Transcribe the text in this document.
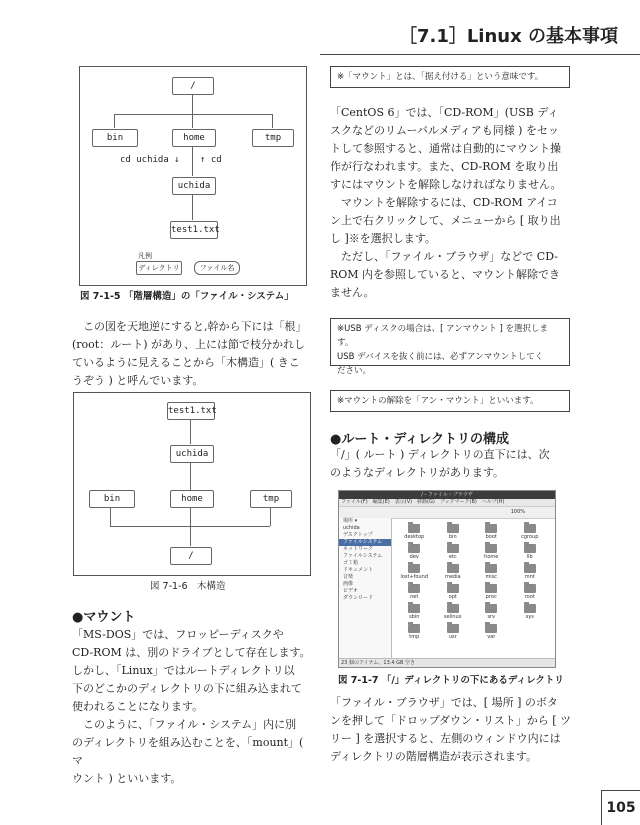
［7.1］Linux の基本事項
/
bin	home	tmp
cd uchida ↓ ↑ cd
uchida
test1.txt
凡例
ディレクトリ	ファイル名
図 7-1-5 「階層構造」の「ファイル・システム」

　この図を天地逆にすると,幹から下には「根」

(root：ルート) があり、上には節で枝分かれし

ているように見えることから「木構造」( きこ

うぞう ) と呼んでいます。

test1.txt
uchida
bin	home	tmp
/
図 7-1-6　木構造
●マウント

「MS-DOS」では、フロッピーディスクや

CD-ROM は、別のドライブとして存在します。

しかし、「Linux」ではルートディレクトリ以

下のどこかのディレクトリの下に組み込まれて

使われることになります。

　このように、「ファイル・システム」内に別

のディレクトリを組み込むことを、「mount」( マ

ウント ) といいます。

※「マウント」とは、「据え付ける」という意味です。

「CentOS 6」では、「CD-ROM」(USB ディ

スクなどのリムーバルメディアも同様 ) をセッ

トして参照すると、通常は自動的にマウント操

作が行なわれます。また、CD-ROM を取り出

すにはマウントを解除しなければなりません。

　マウントを解除するには、CD-ROM アイコ

ン上で右クリックして、メニューから [ 取り出

し ]※を選択します。

　ただし、「ファイル・ブラウザ」などで CD-

ROM 内を参照していると、マウント解除でき

ません。

※USB ディスクの場合は、[ アンマウント ] を選択します。
USB デバイスを抜く前には、必ずアンマウントしてく
ださい。
※マウントの解除を「アン・マウント」といいます。
●ルート・ディレクトリの構成

「/」( ルート ) ディレクトリの直下には、次

のようなディレクトリがあります。

/ - ファイル・ブラウザ
ファイル(F)　編集(E)　表示(V)　移動(G)　ブックマーク(B)　ヘルプ(H)
100%
場所 ▾
uchida
デスクトップ
ファイルシステム
ネットワーク
ファイルシステム
ゴミ箱
ドキュメント
音楽
画像
ビデオ
ダウンロード
desktop	bin	boot	cgroup
dev	etc	home	lib
lost+found	media	misc	mnt
net	opt	proc	root
sbin	selinux	srv	sys
tmp	usr	var
23 個のアイテム、13.4 GB 空き
図 7-1-7 「/」ディレクトリの下にあるディレクトリ

「ファイル・ブラウザ」では、[ 場所 ] のボタ

ンを押して「ドロップダウン・リスト」から [ ツ

リー ] を選択すると、左側のウィンドウ内には

ディレクトリの階層構造が表示されます。

105
